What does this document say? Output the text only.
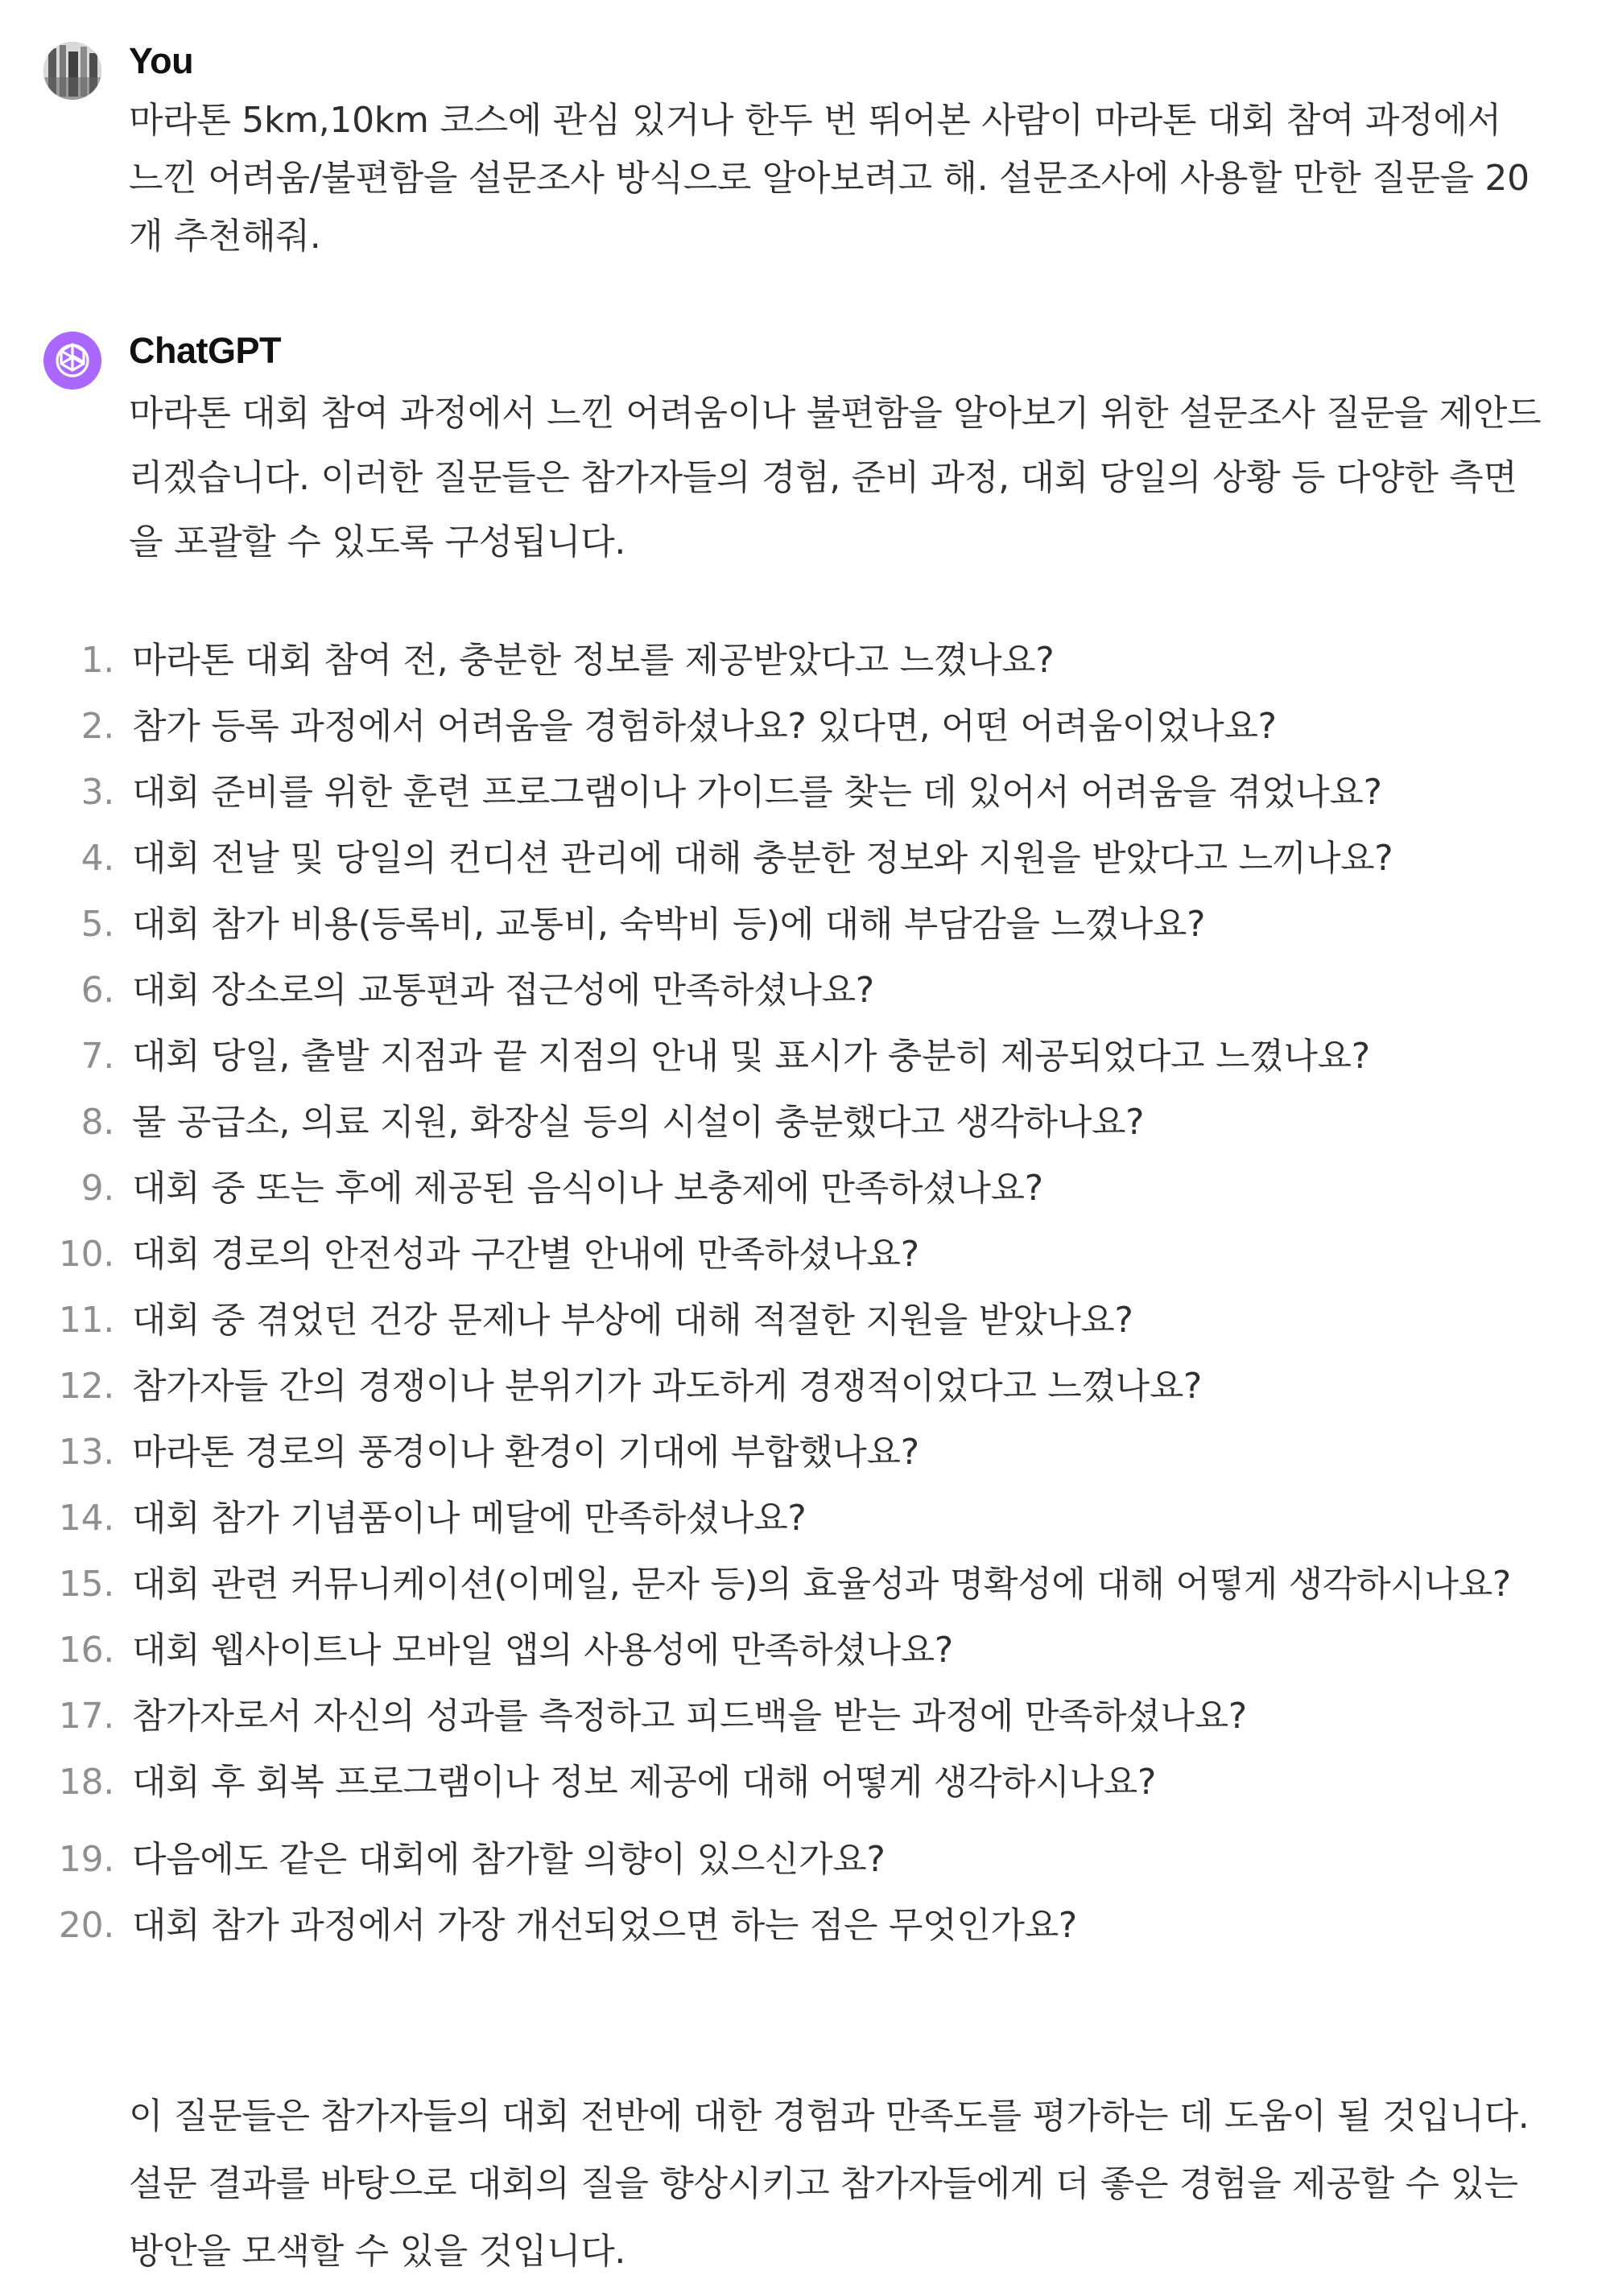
You
마라톤 5km,10km 코스에 관심 있거나 한두 번 뛰어본 사람이 마라톤 대회 참여 과정에서 느낀 어려움/불편함을 설문조사 방식으로 알아보려고 해. 설문조사에 사용할 만한 질문을 20개 추천해줘.
ChatGPT
마라톤 대회 참여 과정에서 느낀 어려움이나 불편함을 알아보기 위한 설문조사 질문을 제안드리겠습니다. 이러한 질문들은 참가자들의 경험, 준비 과정, 대회 당일의 상황 등 다양한 측면을 포괄할 수 있도록 구성됩니다.
1. 마라톤 대회 참여 전, 충분한 정보를 제공받았다고 느꼈나요?
2. 참가 등록 과정에서 어려움을 경험하셨나요? 있다면, 어떤 어려움이었나요?
3. 대회 준비를 위한 훈련 프로그램이나 가이드를 찾는 데 있어서 어려움을 겪었나요?
4. 대회 전날 및 당일의 컨디션 관리에 대해 충분한 정보와 지원을 받았다고 느끼나요?
5. 대회 참가 비용(등록비, 교통비, 숙박비 등)에 대해 부담감을 느꼈나요?
6. 대회 장소로의 교통편과 접근성에 만족하셨나요?
7. 대회 당일, 출발 지점과 끝 지점의 안내 및 표시가 충분히 제공되었다고 느꼈나요?
8. 물 공급소, 의료 지원, 화장실 등의 시설이 충분했다고 생각하나요?
9. 대회 중 또는 후에 제공된 음식이나 보충제에 만족하셨나요?
10. 대회 경로의 안전성과 구간별 안내에 만족하셨나요?
11. 대회 중 겪었던 건강 문제나 부상에 대해 적절한 지원을 받았나요?
12. 참가자들 간의 경쟁이나 분위기가 과도하게 경쟁적이었다고 느꼈나요?
13. 마라톤 경로의 풍경이나 환경이 기대에 부합했나요?
14. 대회 참가 기념품이나 메달에 만족하셨나요?
15. 대회 관련 커뮤니케이션(이메일, 문자 등)의 효율성과 명확성에 대해 어떻게 생각하시나요?
16. 대회 웹사이트나 모바일 앱의 사용성에 만족하셨나요?
17. 참가자로서 자신의 성과를 측정하고 피드백을 받는 과정에 만족하셨나요?
18. 대회 후 회복 프로그램이나 정보 제공에 대해 어떻게 생각하시나요?
19. 다음에도 같은 대회에 참가할 의향이 있으신가요?
20. 대회 참가 과정에서 가장 개선되었으면 하는 점은 무엇인가요?
이 질문들은 참가자들의 대회 전반에 대한 경험과 만족도를 평가하는 데 도움이 될 것입니다. 설문 결과를 바탕으로 대회의 질을 향상시키고 참가자들에게 더 좋은 경험을 제공할 수 있는 방안을 모색할 수 있을 것입니다.
